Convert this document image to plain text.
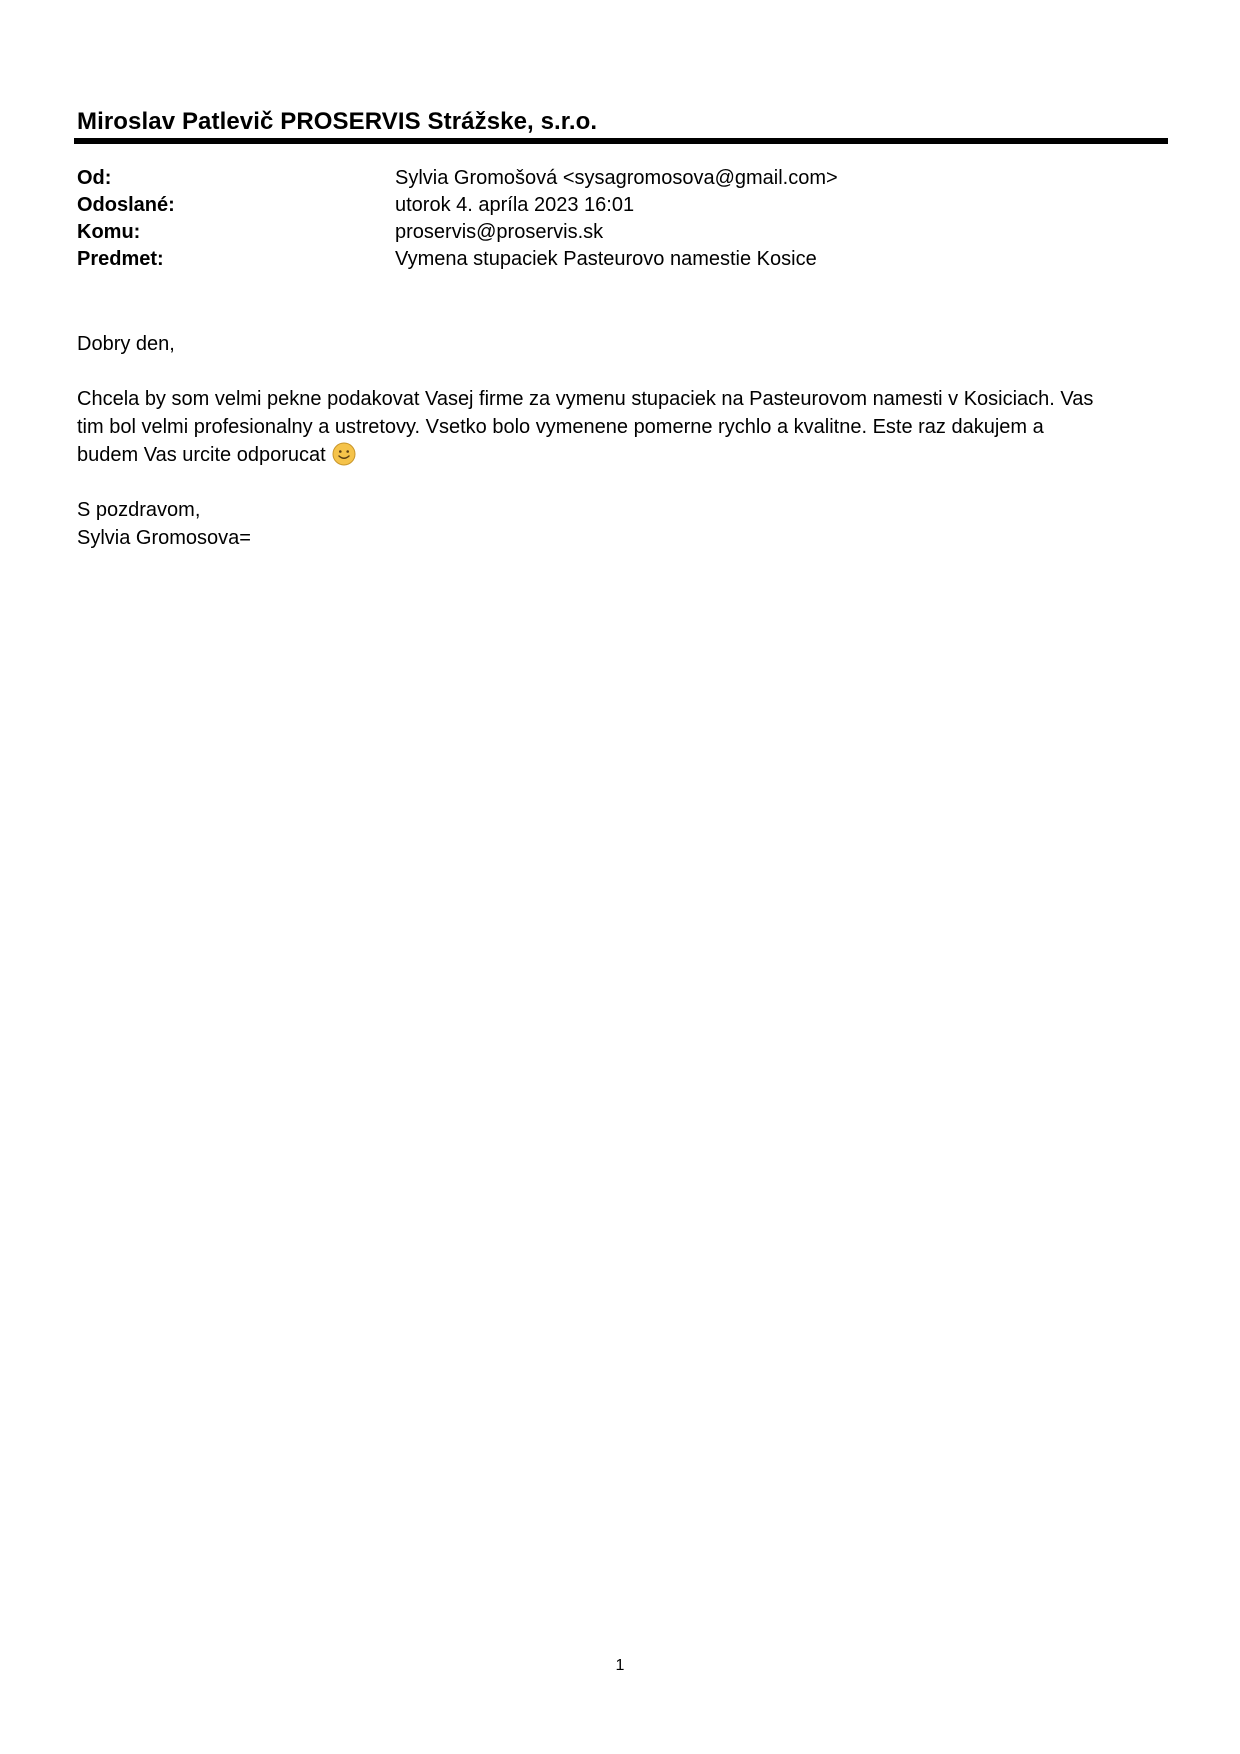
Miroslav Patlevič PROSERVIS Strážske, s.r.o.
Od:	Sylvia Gromošová <sysagromosova@gmail.com>
Odoslané:	utorok 4. apríla 2023 16:01
Komu:	proservis@proservis.sk
Predmet:	Vymena stupaciek Pasteurovo namestie Kosice
Dobry den,
Chcela by som velmi pekne podakovat Vasej firme za vymenu stupaciek na Pasteurovom namesti v Kosiciach. Vas
tim bol velmi profesionalny a ustretovy. Vsetko bolo vymenene pomerne rychlo a kvalitne. Este raz dakujem a
budem Vas urcite odporucat
S pozdravom,
Sylvia Gromosova=
1
